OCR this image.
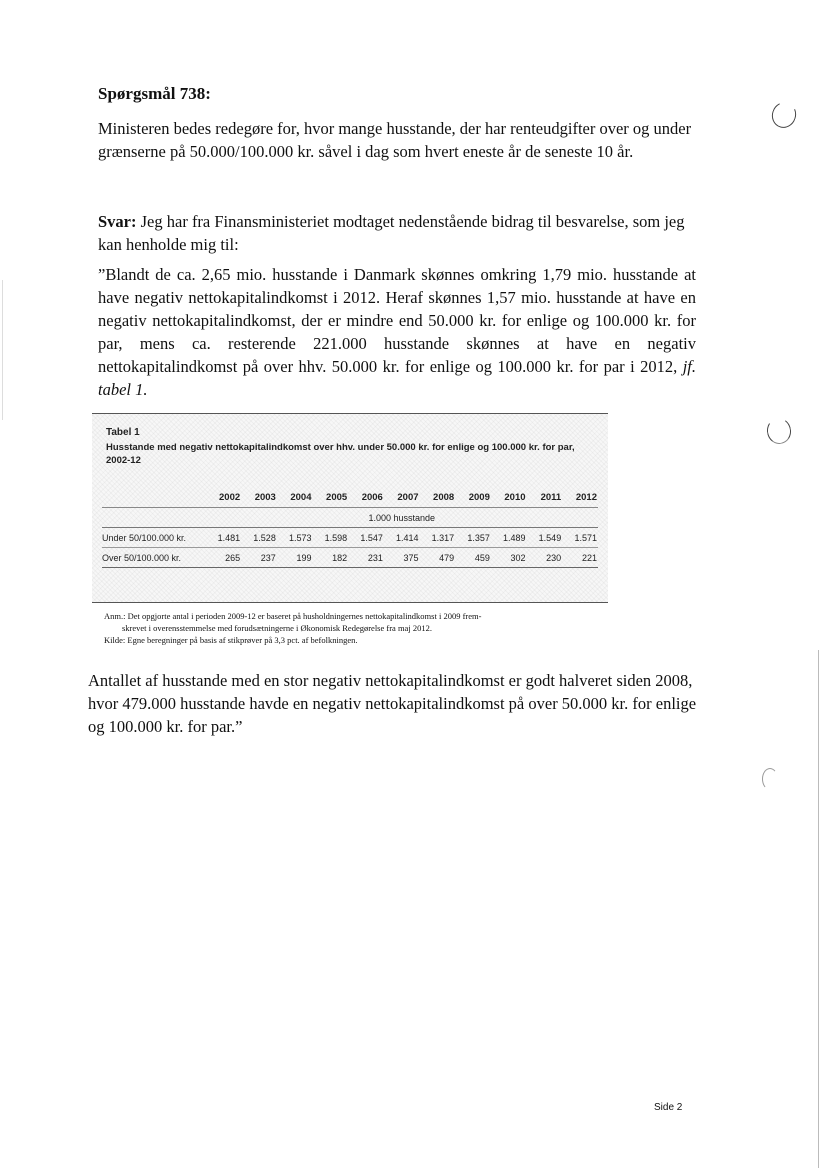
Spørgsmål 738:

Ministeren bedes redegøre for, hvor mange husstande, der har renteudgifter over og under grænserne på 50.000/100.000 kr. såvel i dag som hvert eneste år de seneste 10 år.

Svar: Jeg har fra Finansministeriet modtaget nedenstående bidrag til besvarelse, som jeg kan henholde mig til:

”Blandt de ca. 2,65 mio. husstande i Danmark skønnes omkring 1,79 mio. husstande at have negativ nettokapitalindkomst i 2012. Heraf skønnes 1,57 mio. husstande at have en negativ nettokapitalindkomst, der er mindre end 50.000 kr. for enlige og 100.000 kr. for par, mens ca. resterende 221.000 husstande skønnes at have en negativ nettokapitalindkomst på over hhv. 50.000 kr. for enlige og 100.000 kr. for par i 2012, jf. tabel 1.

Tabel 1
Husstande med negativ nettokapitalindkomst over hhv. under 50.000 kr. for enlige og 100.000 kr. for par, 2002-12
	2002	2003	2004	2005	2006	2007	2008	2009	2010	2011	2012
	1.000 husstande										
Under 50/100.000 kr.	1.481	1.528	1.573	1.598	1.547	1.414	1.317	1.357	1.489	1.549	1.571
Over 50/100.000 kr.	265	237	199	182	231	375	479	459	302	230	221
Anm.: Det opgjorte antal i perioden 2009-12 er baseret på husholdningernes nettokapitalindkomst i 2009 frem-
skrevet i overensstemmelse med forudsætningerne i Økonomisk Redegørelse fra maj 2012.
Kilde: Egne beregninger på basis af stikprøver på 3,3 pct. af befolkningen.

Antallet af husstande med en stor negativ nettokapitalindkomst er godt halveret siden 2008, hvor 479.000 husstande havde en negativ nettokapitalindkomst på over 50.000 kr. for enlige og 100.000 kr. for par.”

Side 2
